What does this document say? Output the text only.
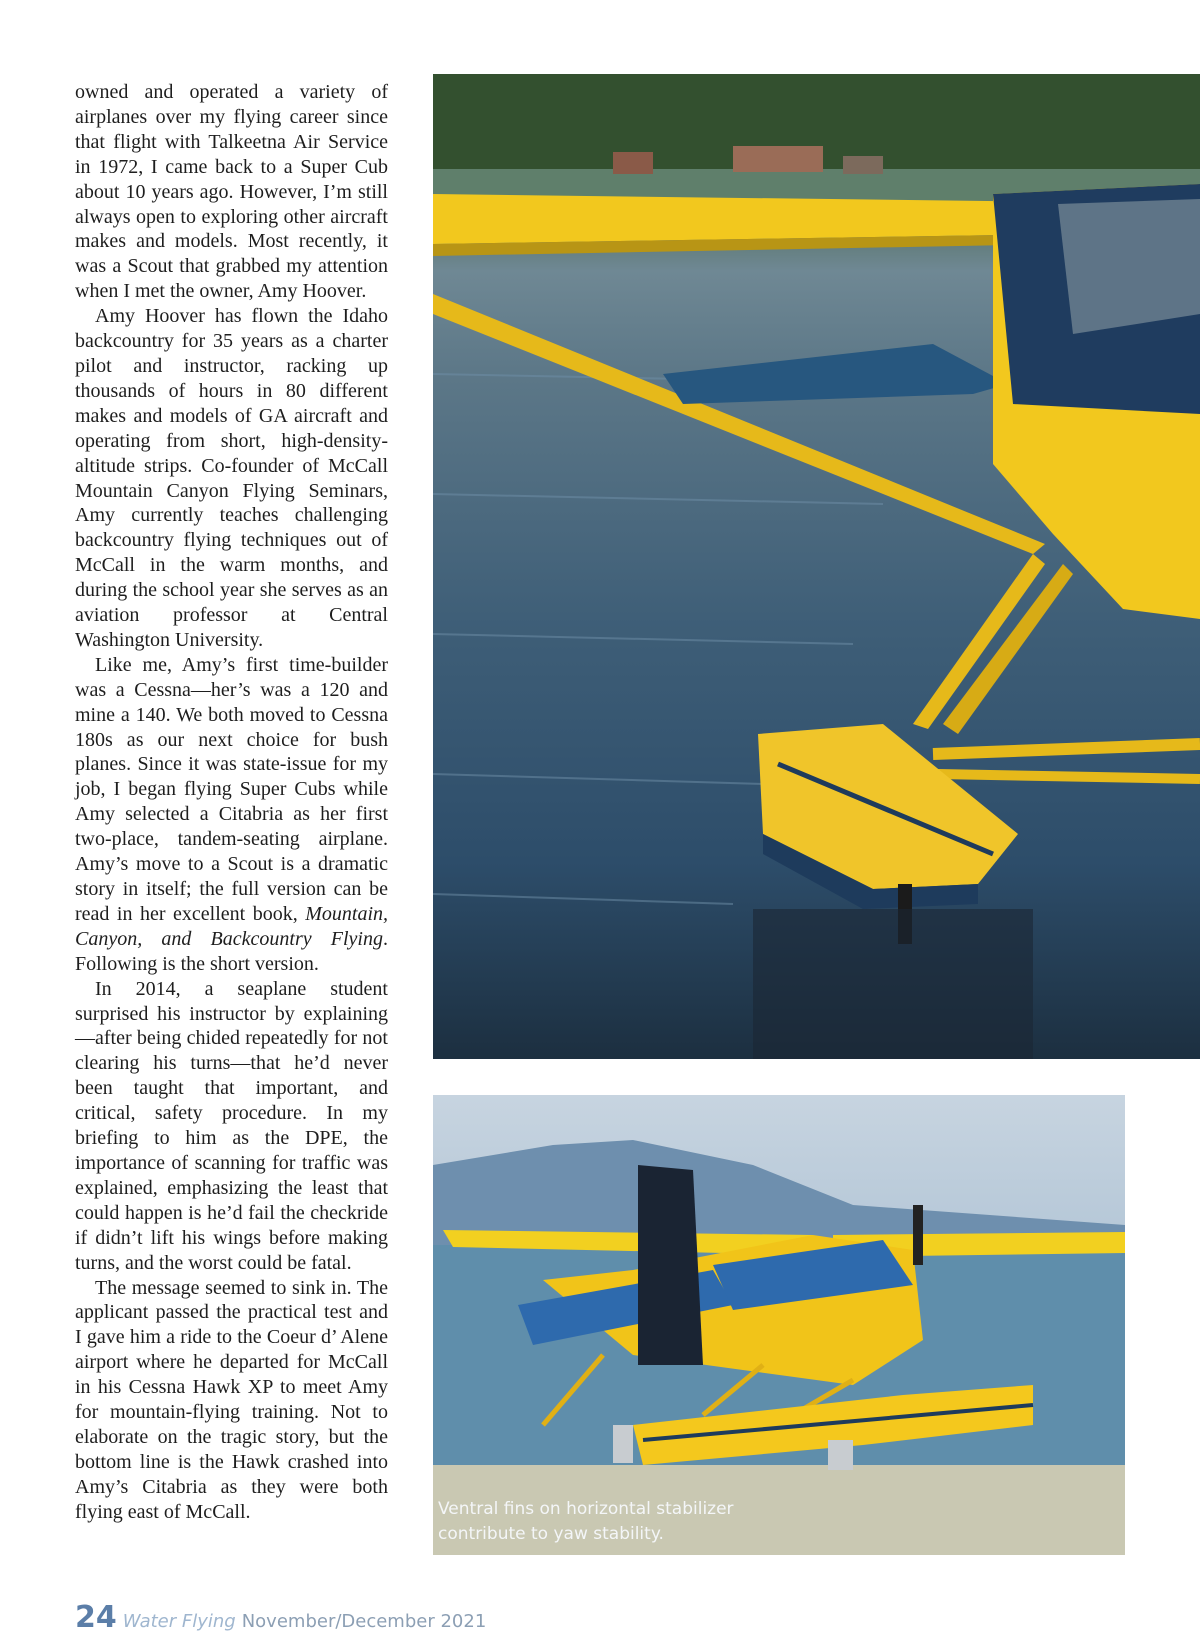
owned and operated a variety of airplanes over my flying career since that flight with Talkeetna Air Service in 1972, I came back to a Super Cub about 10 years ago. However, I’m still always open to exploring other aircraft makes and models. Most recently, it was a Scout that grabbed my attention when I met the owner, Amy Hoover.

Amy Hoover has flown the Idaho backcountry for 35 years as a charter pilot and instructor, racking up thousands of hours in 80 different makes and models of GA aircraft and operating from short, high-density-altitude strips. Co-founder of McCall Mountain Canyon Flying Seminars, Amy currently teaches challenging backcountry flying techniques out of McCall in the warm months, and during the school year she serves as an aviation professor at Central Washington University.

Like me, Amy’s first time-builder was a Cessna—her’s was a 120 and mine a 140. We both moved to Cessna 180s as our next choice for bush planes. Since it was state-issue for my job, I began flying Super Cubs while Amy selected a Citabria as her first two-place, tandem-seating airplane. Amy’s move to a Scout is a dramatic story in itself; the full version can be read in her excellent book, Mountain, Canyon, and Backcountry Flying. Following is the short version.

In 2014, a seaplane student surprised his instructor by explaining—after being chided repeatedly for not clearing his turns—that he’d never been taught that important, and critical, safety procedure. In my briefing to him as the DPE, the importance of scanning for traffic was explained, emphasizing the least that could happen is he’d fail the checkride if didn’t lift his wings before making turns, and the worst could be fatal.

The message seemed to sink in. The applicant passed the practical test and I gave him a ride to the Coeur d’ Alene airport where he departed for McCall in his Cessna Hawk XP to meet Amy for mountain-flying training. Not to elaborate on the tragic story, but the bottom line is the Hawk crashed into Amy’s Citabria as they were both flying east of McCall.	Ventral fins on horizontal stabilizer
contribute to yaw stability.
24 Water Flying November/December 2021
